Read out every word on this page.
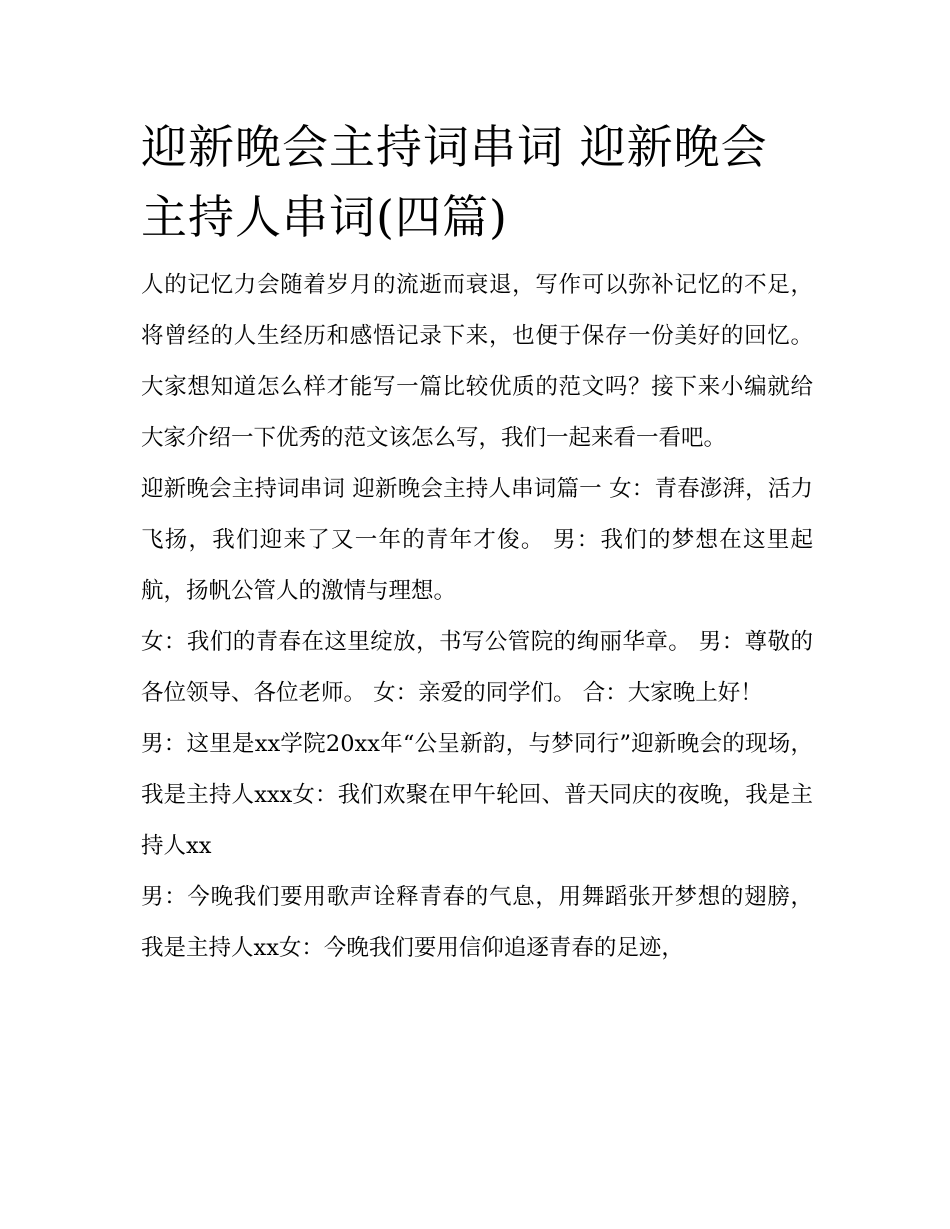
迎新晚会主持词串词 迎新晚会主持人串词(四篇)

人的记忆力会随着岁月的流逝而衰退，写作可以弥补记忆的不足，将曾经的人生经历和感悟记录下来，也便于保存一份美好的回忆。大家想知道怎么样才能写一篇比较优质的范文吗？接下来小编就给大家介绍一下优秀的范文该怎么写，我们一起来看一看吧。

迎新晚会主持词串词 迎新晚会主持人串词篇一 女：青春澎湃，活力飞扬，我们迎来了又一年的青年才俊。 男：我们的梦想在这里起航，扬帆公管人的激情与理想。

女：我们的青春在这里绽放，书写公管院的绚丽华章。 男：尊敬的各位领导、各位老师。 女：亲爱的同学们。 合：大家晚上好！

男：这里是xx学院20xx年“公呈新韵，与梦同行”迎新晚会的现场，我是主持人xxx女：我们欢聚在甲午轮回、普天同庆的夜晚，我是主持人xx

男：今晚我们要用歌声诠释青春的气息，用舞蹈张开梦想的翅膀，我是主持人xx女：今晚我们要用信仰追逐青春的足迹，
